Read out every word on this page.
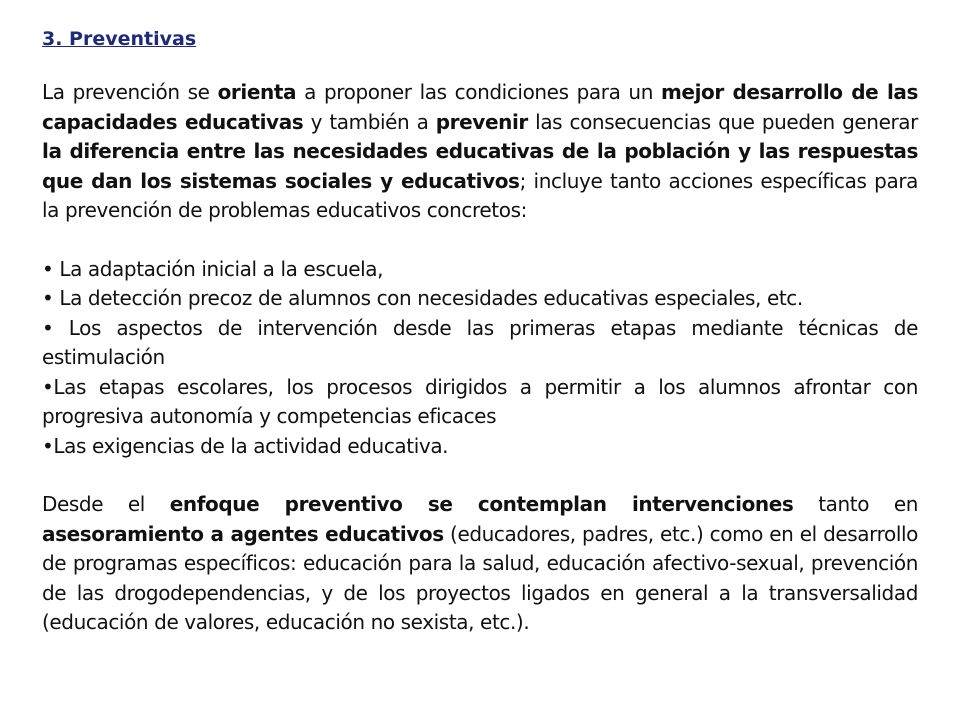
3. Preventivas

La prevención se orienta a proponer las condiciones para un mejor desarrollo de las capacidades educativas y también a prevenir las consecuencias que pueden generar la diferencia entre las necesidades educativas de la población y las respuestas que dan los sistemas sociales y educativos; incluye tanto acciones específicas para la prevención de problemas educativos concretos:

• La adaptación inicial a la escuela,
• La detección precoz de alumnos con necesidades educativas especiales, etc.
• Los aspectos de intervención desde las primeras etapas mediante técnicas de estimulación
•Las etapas escolares, los procesos dirigidos a permitir a los alumnos afrontar con progresiva autonomía y competencias eficaces
•Las exigencias de la actividad educativa.

Desde el enfoque preventivo se contemplan intervenciones tanto en asesoramiento a agentes educativos (educadores, padres, etc.) como en el desarrollo de programas específicos: educación para la salud, educación afectivo-sexual, prevención de las drogodependencias, y de los proyectos ligados en general a la transversalidad (educación de valores, educación no sexista, etc.).
